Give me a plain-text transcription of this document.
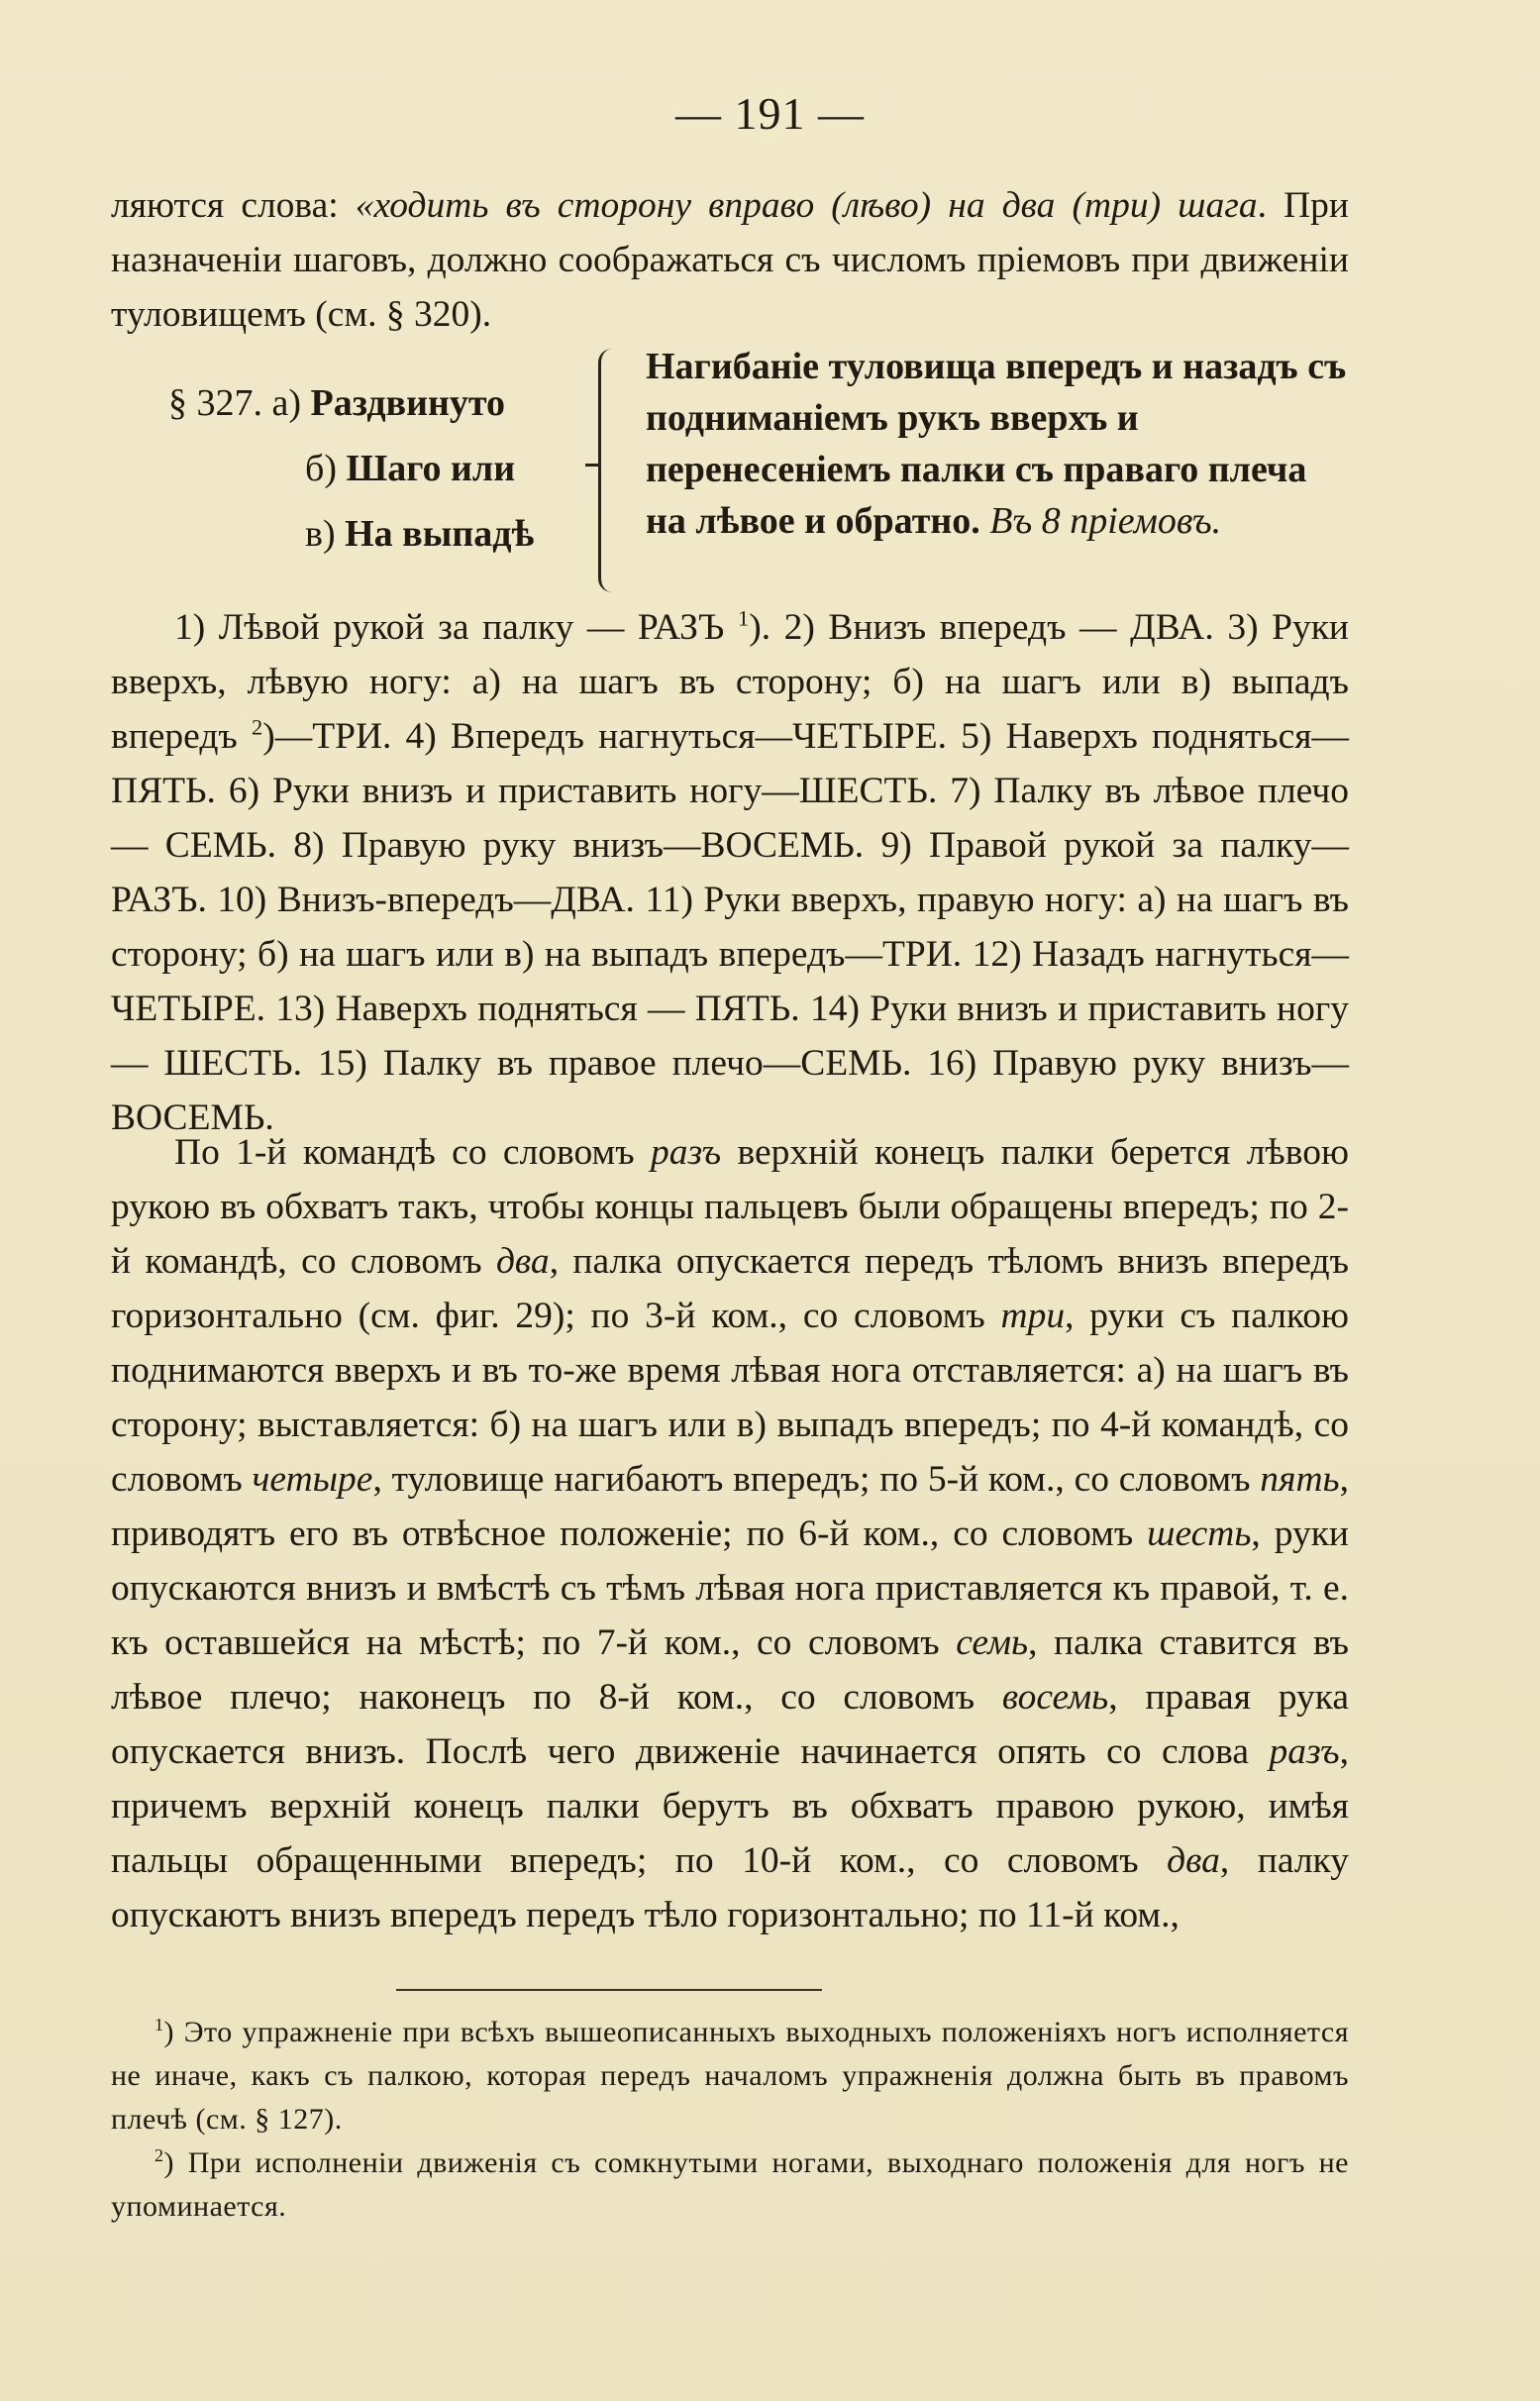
— 191 —

ляются слова: «ходить въ сторону вправо (лѣво) на два (три) шага. При назначеніи шаговъ, должно соображаться съ числомъ пріемовъ при движеніи туловищемъ (см. § 320).

§ 327. а) Раздвинуто
б) Шаго или
в) На выпадѣ
Нагибаніе туловища впередъ и назадъ съ подниманіемъ рукъ вверхъ и перенесеніемъ палки съ праваго плеча на лѣвое и обратно. Въ 8 пріемовъ.

1) Лѣвой рукой за палку — РАЗЪ $^1$). 2) Внизъ впередъ — ДВА. 3) Руки вверхъ, лѣвую ногу: а) на шагъ въ сторону; б) на шагъ или в) выпадъ впередъ $^2$)—ТРИ. 4) Впередъ нагнуться—ЧЕТЫРЕ. 5) Наверхъ подняться—ПЯТЬ. 6) Руки внизъ и приставить ногу—ШЕСТЬ. 7) Палку въ лѣвое плечо — СЕМЬ. 8) Правую руку внизъ—ВОСЕМЬ. 9) Правой рукой за палку—РАЗЪ. 10) Внизъ-впередъ—ДВА. 11) Руки вверхъ, правую ногу: а) на шагъ въ сторону; б) на шагъ или в) на выпадъ впередъ—ТРИ. 12) Назадъ нагнуться—ЧЕТЫРЕ. 13) Наверхъ подняться — ПЯТЬ. 14) Руки внизъ и приставить ногу — ШЕСТЬ. 15) Палку въ правое плечо—СЕМЬ. 16) Правую руку внизъ—ВОСЕМЬ.

По 1-й командѣ со словомъ разъ верхній конецъ палки берется лѣвою рукою въ обхватъ такъ, чтобы концы пальцевъ были обращены впередъ; по 2-й командѣ, со словомъ два, палка опускается передъ тѣломъ внизъ впередъ горизонтально (см. фиг. 29); по 3-й ком., со словомъ три, руки съ палкою поднимаются вверхъ и въ то-же время лѣвая нога отставляется: а) на шагъ въ сторону; выставляется: б) на шагъ или в) выпадъ впередъ; по 4-й командѣ, со словомъ четыре, туловище нагибаютъ впередъ; по 5-й ком., со словомъ пять, приводятъ его въ отвѣсное положеніе; по 6-й ком., со словомъ шесть, руки опускаются внизъ и вмѣстѣ съ тѣмъ лѣвая нога приставляется къ правой, т. е. къ оставшейся на мѣстѣ; по 7-й ком., со словомъ семь, палка ставится въ лѣвое плечо; наконецъ по 8-й ком., со словомъ восемь, правая рука опускается внизъ. Послѣ чего движеніе начинается опять со слова разъ, причемъ верхній конецъ палки берутъ въ обхватъ правою рукою, имѣя пальцы обращенными впередъ; по 10-й ком., со словомъ два, палку опускаютъ внизъ впередъ передъ тѣло горизонтально; по 11-й ком.,

$^1$) Это упражненіе при всѣхъ вышеописанныхъ выходныхъ положеніяхъ ногъ исполняется не иначе, какъ съ палкою, которая передъ началомъ упражненія должна быть въ правомъ плечѣ (см. § 127).

$^2$) При исполненіи движенія съ сомкнутыми ногами, выходнаго положенія для ногъ не упоминается.
